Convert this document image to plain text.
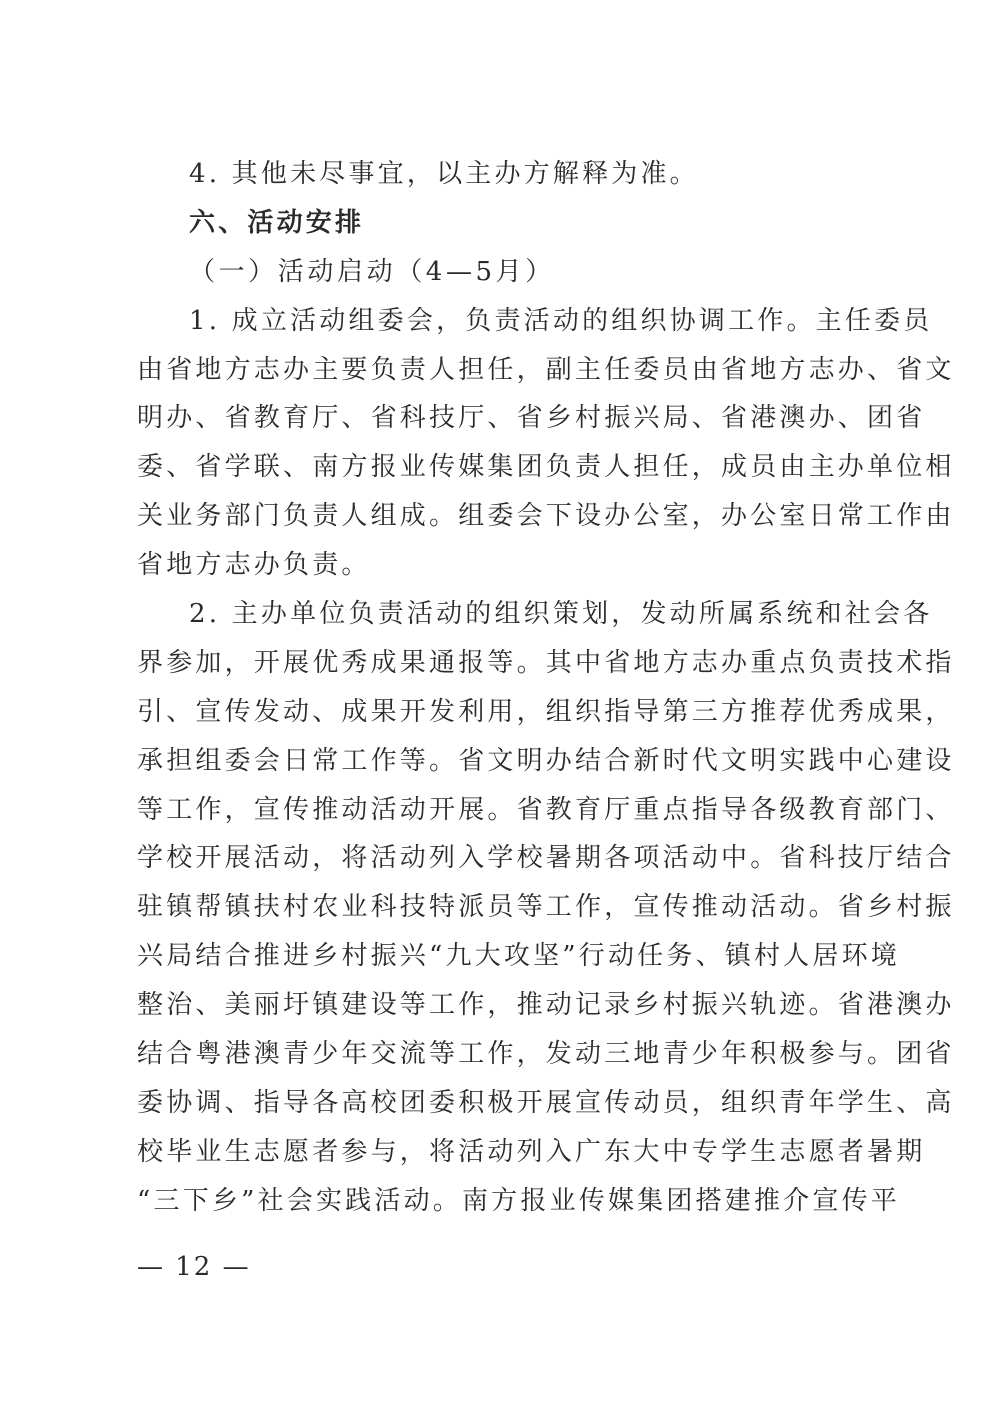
4. 其他未尽事宜，以主办方解释为准。
六、活动安排
（一）活动启动（4—5月）
1. 成立活动组委会，负责活动的组织协调工作。主任委员
由省地方志办主要负责人担任，副主任委员由省地方志办、省文
明办、省教育厅、省科技厅、省乡村振兴局、省港澳办、团省
委、省学联、南方报业传媒集团负责人担任，成员由主办单位相
关业务部门负责人组成。组委会下设办公室，办公室日常工作由
省地方志办负责。
2. 主办单位负责活动的组织策划，发动所属系统和社会各
界参加，开展优秀成果通报等。其中省地方志办重点负责技术指
引、宣传发动、成果开发利用，组织指导第三方推荐优秀成果，
承担组委会日常工作等。省文明办结合新时代文明实践中心建设
等工作，宣传推动活动开展。省教育厅重点指导各级教育部门、
学校开展活动，将活动列入学校暑期各项活动中。省科技厅结合
驻镇帮镇扶村农业科技特派员等工作，宣传推动活动。省乡村振
兴局结合推进乡村振兴“九大攻坚”行动任务、镇村人居环境
整治、美丽圩镇建设等工作，推动记录乡村振兴轨迹。省港澳办
结合粤港澳青少年交流等工作，发动三地青少年积极参与。团省
委协调、指导各高校团委积极开展宣传动员，组织青年学生、高
校毕业生志愿者参与，将活动列入广东大中专学生志愿者暑期
“三下乡”社会实践活动。南方报业传媒集团搭建推介宣传平
— 12 —
